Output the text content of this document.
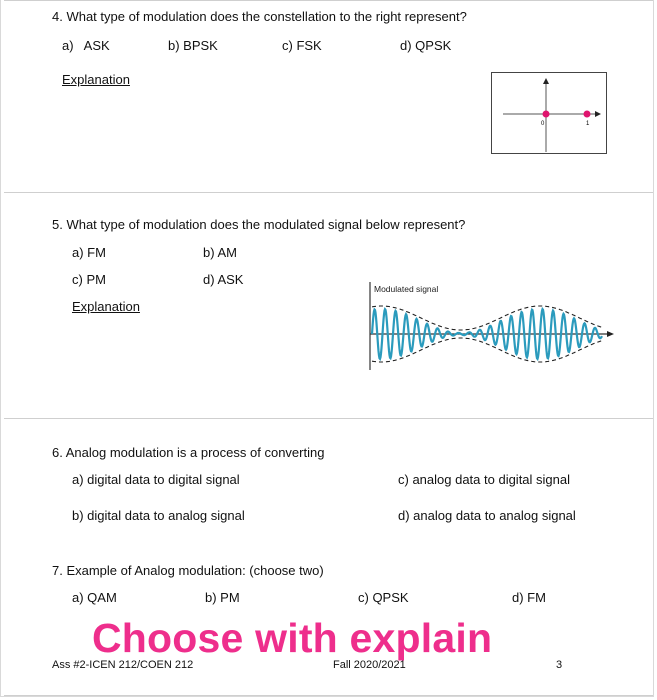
4. What type of modulation does the constellation to the right represent?
a)   ASK	b) BPSK	c) FSK	d) QPSK
Explanation
0	1
5. What type of modulation does the modulated signal below represent?
a) FM	b) AM
c) PM	d) ASK
Explanation
Modulated signal
6. Analog modulation is a process of converting
a) digital data to digital signal
b) digital data to analog signal
c) analog data to digital signal
d) analog data to analog signal
7. Example of Analog modulation: (choose two)
a) QAM	b) PM	c) QPSK	d) FM
Choose with explain
Ass #2-ICEN 212/COEN 212	Fall 2020/2021	3
